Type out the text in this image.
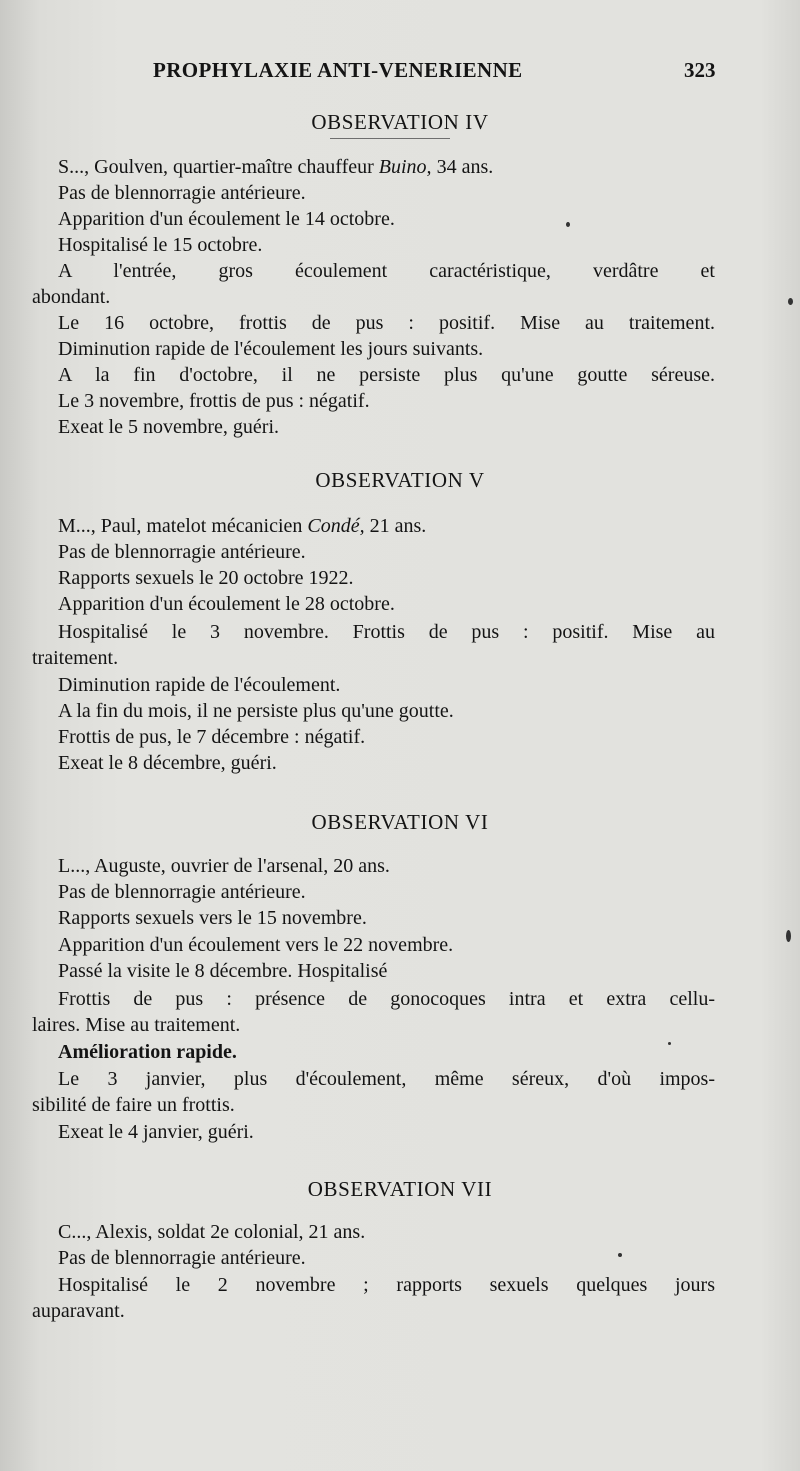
PROPHYLAXIE ANTI-VENERIENNE	323
OBSERVATION IV
S..., Goulven, quartier-maître chauffeur Buino, 34 ans.
Pas de blennorragie antérieure.
Apparition d'un écoulement le 14 octobre.
Hospitalisé le 15 octobre.
A l'entrée, gros écoulement caractéristique, verdâtre et
abondant.
Le 16 octobre, frottis de pus : positif. Mise au traitement.
Diminution rapide de l'écoulement les jours suivants.
A la fin d'octobre, il ne persiste plus qu'une goutte séreuse.
Le 3 novembre, frottis de pus : négatif.
Exeat le 5 novembre, guéri.
OBSERVATION V
M..., Paul, matelot mécanicien Condé, 21 ans.
Pas de blennorragie antérieure.
Rapports sexuels le 20 octobre 1922.
Apparition d'un écoulement le 28 octobre.
Hospitalisé le 3 novembre. Frottis de pus : positif. Mise au
traitement.
Diminution rapide de l'écoulement.
A la fin du mois, il ne persiste plus qu'une goutte.
Frottis de pus, le 7 décembre : négatif.
Exeat le 8 décembre, guéri.
OBSERVATION VI
L..., Auguste, ouvrier de l'arsenal, 20 ans.
Pas de blennorragie antérieure.
Rapports sexuels vers le 15 novembre.
Apparition d'un écoulement vers le 22 novembre.
Passé la visite le 8 décembre. Hospitalisé
Frottis de pus : présence de gonocoques intra et extra cellu-
laires. Mise au traitement.
Amélioration rapide.
Le 3 janvier, plus d'écoulement, même séreux, d'où impos-
sibilité de faire un frottis.
Exeat le 4 janvier, guéri.
OBSERVATION VII
C..., Alexis, soldat 2e colonial, 21 ans.
Pas de blennorragie antérieure.
Hospitalisé le 2 novembre ; rapports sexuels quelques jours
auparavant.
